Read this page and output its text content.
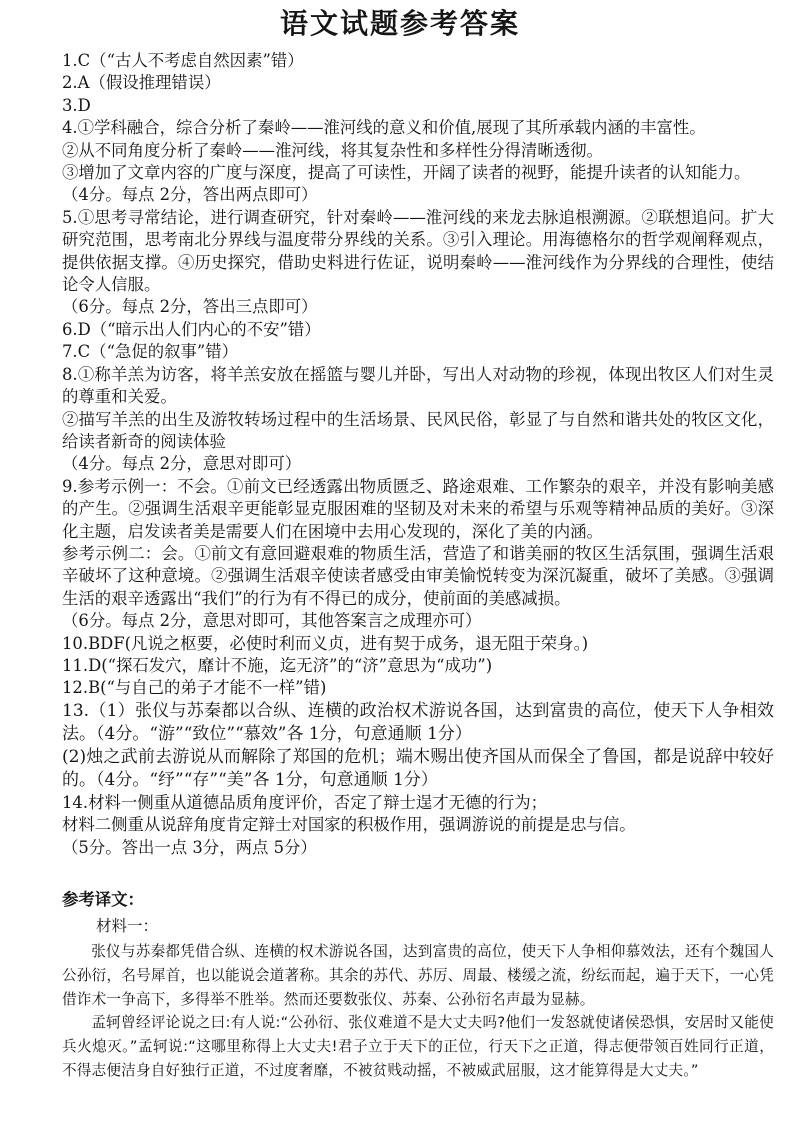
语文试题参考答案
1.C（“古人不考虑自然因素”错）
2.A（假设推理错误）
3.D
4.①学科融合，综合分析了秦岭——淮河线的意义和价值,展现了其所承载内涵的丰富性。
②从不同角度分析了秦岭——淮河线，将其复杂性和多样性分得清晰透彻。
③增加了文章内容的广度与深度，提高了可读性，开阔了读者的视野，能提升读者的认知能力。
（4分。每点 2分，答出两点即可）
5.①思考寻常结论，进行调查研究，针对秦岭——淮河线的来龙去脉追根溯源。②联想追问。扩大研究范围，思考南北分界线与温度带分界线的关系。③引入理论。用海德格尔的哲学观阐释观点，提供依据支撑。④历史探究，借助史料进行佐证，说明秦岭——淮河线作为分界线的合理性，使结论令人信服。
（6分。每点 2分，答出三点即可）
6.D（“暗示出人们内心的不安”错）
7.C（“急促的叙事”错）
8.①称羊羔为访客，将羊羔安放在摇篮与婴儿并卧，写出人对动物的珍视，体现出牧区人们对生灵的尊重和关爱。
②描写羊羔的出生及游牧转场过程中的生活场景、民风民俗，彰显了与自然和谐共处的牧区文化，给读者新奇的阅读体验
（4分。每点 2分，意思对即可）
9.参考示例一：不会。①前文已经透露出物质匮乏、路途艰难、工作繁杂的艰辛，并没有影响美感的产生。②强调生活艰辛更能彰显克服困难的坚韧及对未来的希望与乐观等精神品质的美好。③深化主题，启发读者美是需要人们在困境中去用心发现的，深化了美的内涵。
参考示例二：会。①前文有意回避艰难的物质生活，营造了和谐美丽的牧区生活氛围，强调生活艰辛破坏了这种意境。②强调生活艰辛使读者感受由审美愉悦转变为深沉凝重，破坏了美感。③强调生活的艰辛透露出“我们”的行为有不得已的成分，使前面的美感减损。
（6分。每点 2分，意思对即可，其他答案言之成理亦可）
10.BDF(凡说之枢要，必使时利而义贞，进有契于成务，退无阻于荣身。)
11.D(“探石发穴，靡计不施，迄无济”的“济”意思为“成功”)
12.B(“与自己的弟子才能不一样”错)
13.（1）张仪与苏秦都以合纵、连横的政治权术游说各国，达到富贵的高位，使天下人争相效法。（4分。“游”“致位”“慕效”各 1分，句意通顺 1分）
(2)烛之武前去游说从而解除了郑国的危机；端木赐出使齐国从而保全了鲁国，都是说辞中较好的。（4分。“纾”“存”“美”各 1分，句意通顺 1分）
14.材料一侧重从道德品质角度评价，否定了辩士逞才无德的行为；
材料二侧重从说辞角度肯定辩士对国家的积极作用，强调游说的前提是忠与信。
（5分。答出一点 3分，两点 5分）
参考译文：
材料一：
张仪与苏秦都凭借合纵、连横的权术游说各国，达到富贵的高位，使天下人争相仰慕效法，还有个魏国人公孙衍，名号犀首，也以能说会道著称。其余的苏代、苏厉、周最、楼缓之流，纷纭而起，遍于天下，一心凭借诈术一争高下，多得举不胜举。然而还要数张仪、苏秦、公孙衍名声最为显赫。
孟轲曾经评论说之曰:有人说:“公孙衍、张仪难道不是大丈夫吗?他们一发怒就使诸侯恐惧，安居时又能使兵火熄灭。”孟轲说:“这哪里称得上大丈夫!君子立于天下的正位，行天下之正道，得志便带领百姓同行正道，不得志便洁身自好独行正道，不过度奢靡，不被贫贱动摇，不被威武屈服，这才能算得是大丈夫。”
